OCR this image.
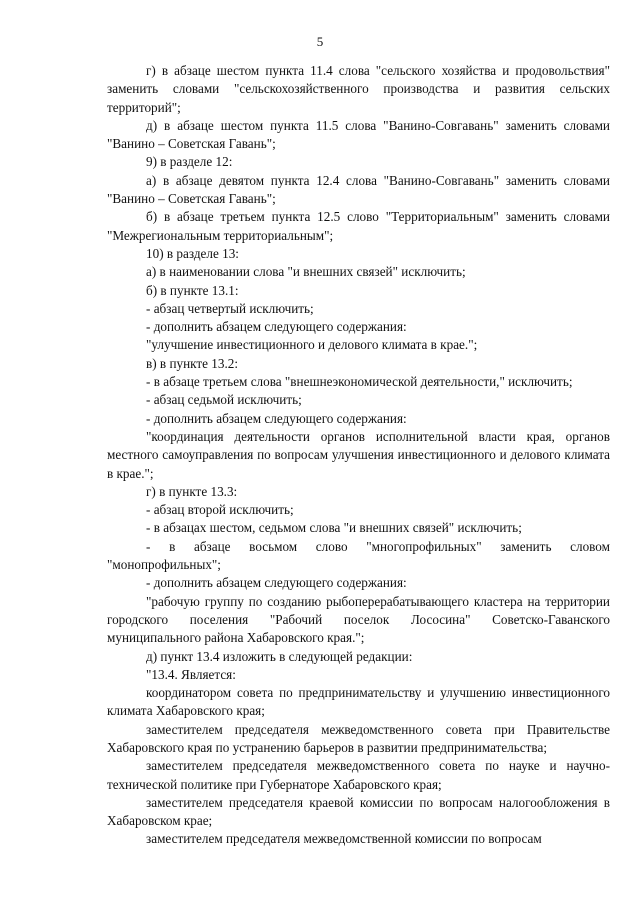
5

г) в абзаце шестом пункта 11.4 слова "сельского хозяйства и продовольствия" заменить словами "сельскохозяйственного производства и развития сельских территорий";

д) в абзаце шестом пункта 11.5 слова "Ванино-Совгавань" заменить словами "Ванино – Советская Гавань";

9) в разделе 12:

а) в абзаце девятом пункта 12.4 слова "Ванино-Совгавань" заменить словами "Ванино – Советская Гавань";

б) в абзаце третьем пункта 12.5 слово "Территориальным" заменить словами "Межрегиональным территориальным";

10) в разделе 13:

а) в наименовании слова "и внешних связей" исключить;

б) в пункте 13.1:

- абзац четвертый исключить;

- дополнить абзацем следующего содержания:

"улучшение инвестиционного и делового климата в крае.";

в) в пункте 13.2:

- в абзаце третьем слова "внешнеэкономической деятельности," исключить;

- абзац седьмой исключить;

- дополнить абзацем следующего содержания:

"координация деятельности органов исполнительной власти края, органов местного самоуправления по вопросам улучшения инвестиционного и делового климата в крае.";

г) в пункте 13.3:

- абзац второй исключить;

- в абзацах шестом, седьмом слова "и внешних связей" исключить;

- в абзаце восьмом слово "многопрофильных" заменить словом "монопрофильных";

- дополнить абзацем следующего содержания:

"рабочую группу по созданию рыбоперерабатывающего кластера на территории городского поселения "Рабочий поселок Лососина" Советско-Гаванского муниципального района Хабаровского края.";

д) пункт 13.4 изложить в следующей редакции:

"13.4. Является:

координатором совета по предпринимательству и улучшению инвестиционного климата Хабаровского края;

заместителем председателя межведомственного совета при Правительстве Хабаровского края по устранению барьеров в развитии предпринимательства;

заместителем председателя межведомственного совета по науке и научно-технической политике при Губернаторе Хабаровского края;

заместителем председателя краевой комиссии по вопросам налогообложения в Хабаровском крае;

заместителем председателя межведомственной комиссии по вопросам
